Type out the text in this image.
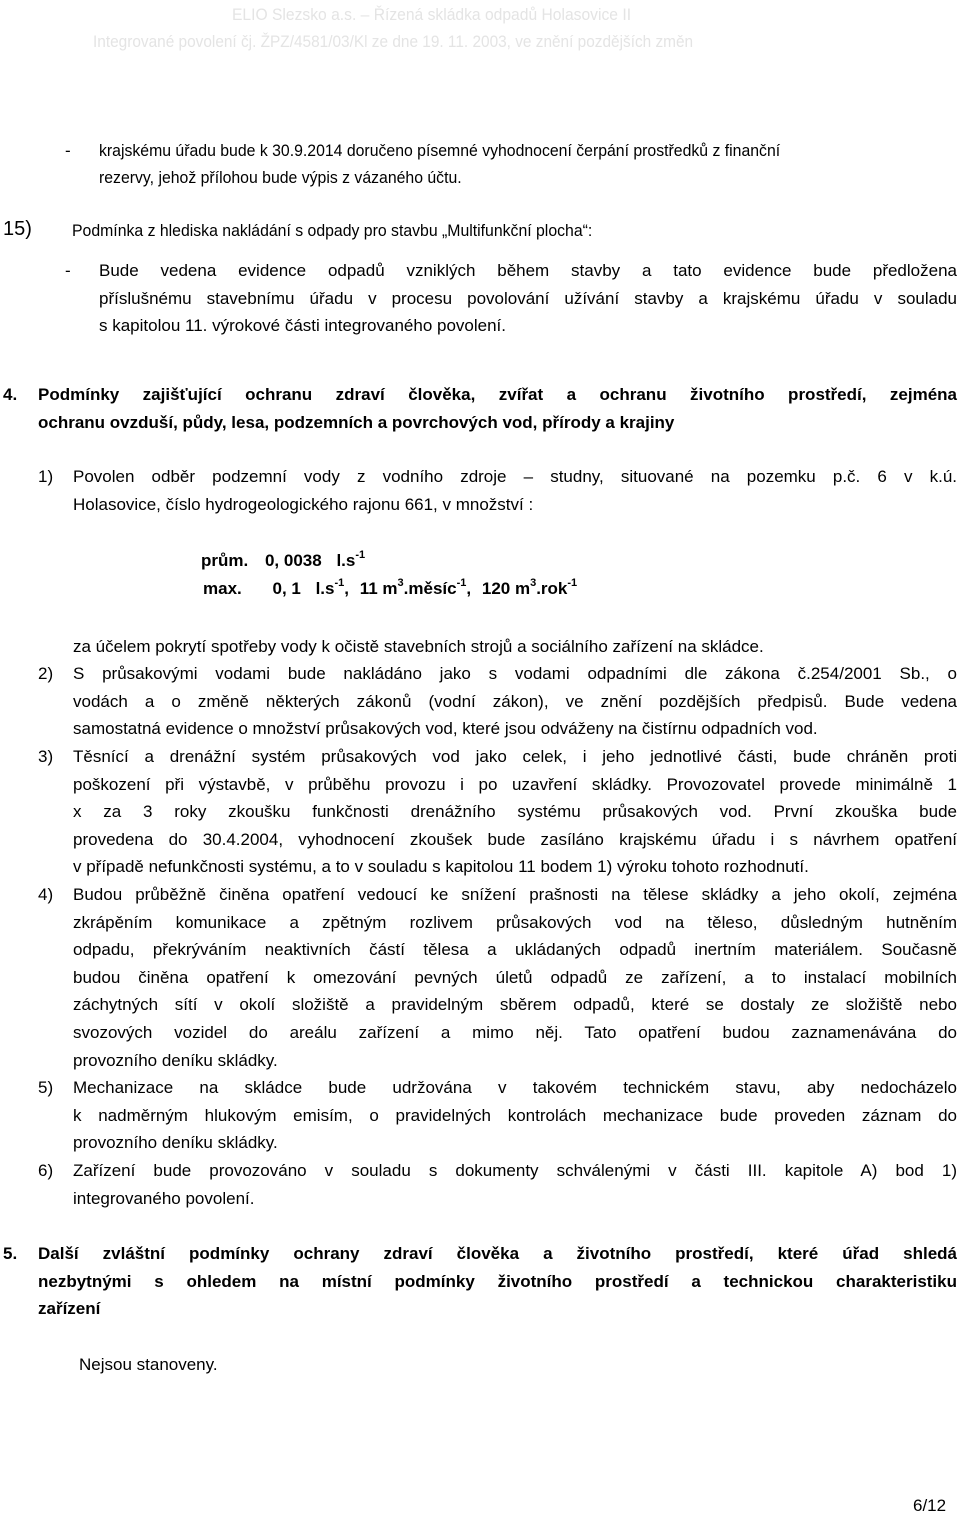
ELIO Slezsko a.s. – Řízená skládka odpadů Holasovice II
Integrované povolení čj. ŽPZ/4581/03/Kl ze dne 19. 11. 2003, ve znění pozdějších změn
- krajskému úřadu bude k 30.9.2014 doručeno písemné vyhodnocení čerpání prostředků z finanční
rezervy, jehož přílohou bude výpis z vázaného účtu.
15) Podmínka z hlediska nakládání s odpady pro stavbu „Multifunkční plocha“:
- Bude vedena evidence odpadů vzniklých během stavby a tato evidence bude předložena
příslušnému stavebnímu úřadu v procesu povolování užívání stavby a krajskému úřadu v souladu
s kapitolou 11. výrokové části integrovaného povolení.
4. Podmínky zajišťující ochranu zdraví člověka, zvířat a ochranu životního prostředí, zejména
ochranu ovzduší, půdy, lesa, podzemních a povrchových vod, přírody a krajiny
1) Povolen odběr podzemní vody z vodního zdroje – studny, situované na pozemku p.č. 6 v k.ú.
Holasovice, číslo hydrogeologického rajonu 661, v množství :
prům. 0, 0038 $l.s^{-1}$
max. 0, 1 $l.s^{-1}$, 11 $m^3.měsíc^{-1}$, 120 $m^3.rok^{-1}$
za účelem pokrytí spotřeby vody k očistě stavebních strojů a sociálního zařízení na skládce.
2) S průsakovými vodami bude nakládáno jako s vodami odpadními dle zákona č.254/2001 Sb., o
vodách a o změně některých zákonů (vodní zákon), ve znění pozdějších předpisů. Bude vedena
samostatná evidence o množství průsakových vod, které jsou odváženy na čistírnu odpadních vod.
3) Těsnící a drenážní systém průsakových vod jako celek, i jeho jednotlivé části, bude chráněn proti
poškození při výstavbě, v průběhu provozu i po uzavření skládky. Provozovatel provede minimálně 1
x za 3 roky zkoušku funkčnosti drenážního systému průsakových vod. První zkouška bude
provedena do 30.4.2004, vyhodnocení zkoušek bude zasíláno krajskému úřadu i s návrhem opatření
v případě nefunkčnosti systému, a to v souladu s kapitolou 11 bodem 1) výroku tohoto rozhodnutí.
4) Budou průběžně činěna opatření vedoucí ke snížení prašnosti na tělese skládky a jeho okolí, zejména
zkrápěním komunikace a zpětným rozlivem průsakových vod na těleso, důsledným hutněním
odpadu, překrýváním neaktivních částí tělesa a ukládaných odpadů inertním materiálem. Současně
budou činěna opatření k omezování pevných úletů odpadů ze zařízení, a to instalací mobilních
záchytných sítí v okolí složiště a pravidelným sběrem odpadů, které se dostaly ze složiště nebo
svozových vozidel do areálu zařízení a mimo něj. Tato opatření budou zaznamenávána do
provozního deníku skládky.
5) Mechanizace na skládce bude udržována v takovém technickém stavu, aby nedocházelo
k nadměrným hlukovým emisím, o pravidelných kontrolách mechanizace bude proveden záznam do
provozního deníku skládky.
6) Zařízení bude provozováno v souladu s dokumenty schválenými v části III. kapitole A) bod 1)
integrovaného povolení.
5. Další zvláštní podmínky ochrany zdraví člověka a životního prostředí, které úřad shledá
nezbytnými s ohledem na místní podmínky životního prostředí a technickou charakteristiku
zařízení
Nejsou stanoveny.
6/12
